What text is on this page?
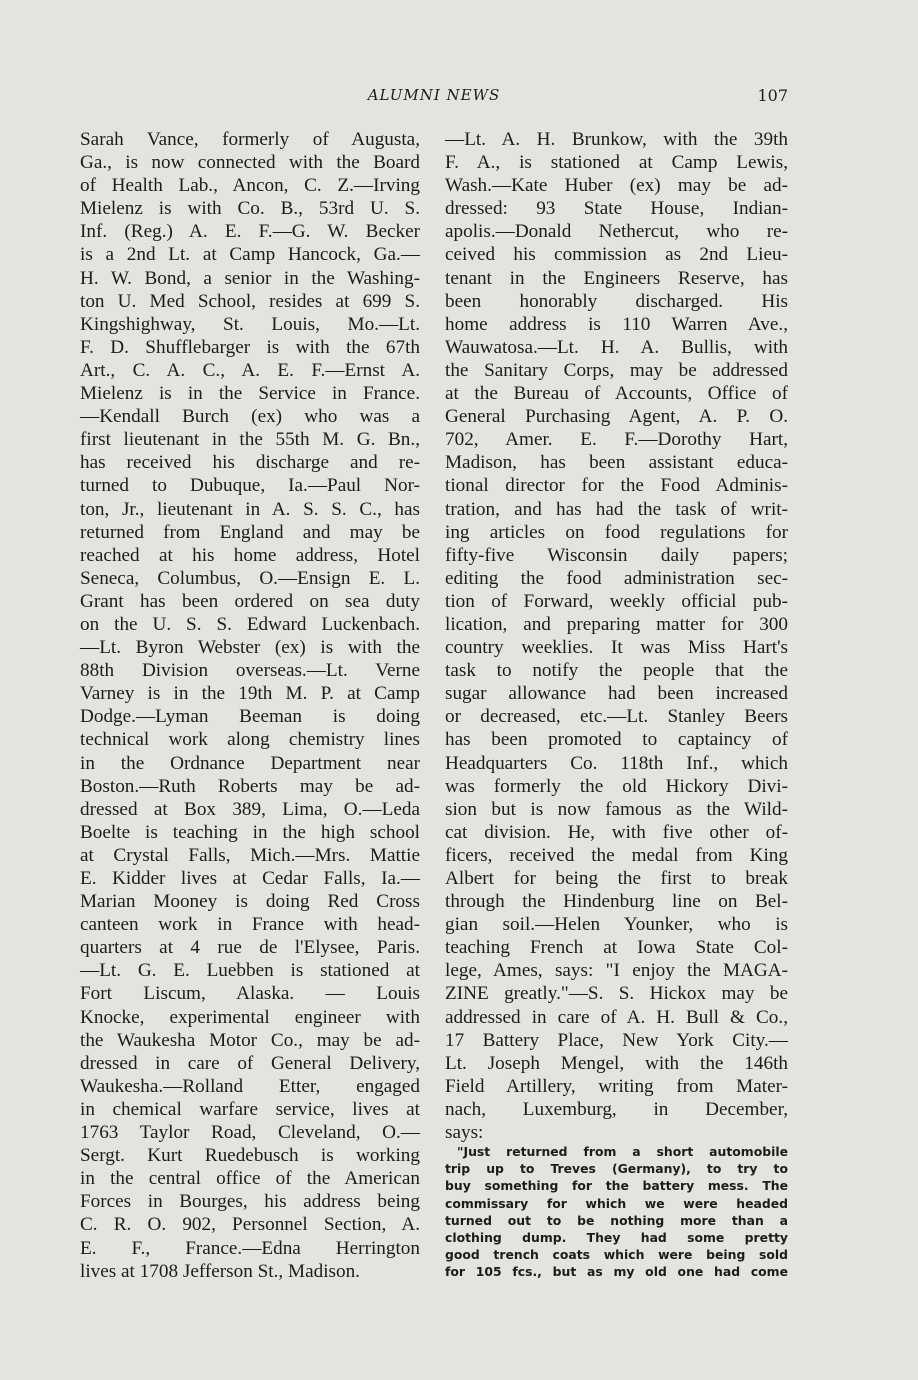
ALUMNI NEWS	107
Sarah Vance, formerly of Augusta,
Ga., is now connected with the Board
of Health Lab., Ancon, C. Z.—Irving
Mielenz is with Co. B., 53rd U. S.
Inf. (Reg.) A. E. F.—G. W. Becker
is a 2nd Lt. at Camp Hancock, Ga.—
H. W. Bond, a senior in the Washing-
ton U. Med School, resides at 699 S.
Kingshighway, St. Louis, Mo.—Lt.
F. D. Shufflebarger is with the 67th
Art., C. A. C., A. E. F.—Ernst A.
Mielenz is in the Service in France.
—Kendall Burch (ex) who was a
first lieutenant in the 55th M. G. Bn.,
has received his discharge and re-
turned to Dubuque, Ia.—Paul Nor-
ton, Jr., lieutenant in A. S. S. C., has
returned from England and may be
reached at his home address, Hotel
Seneca, Columbus, O.—Ensign E. L.
Grant has been ordered on sea duty
on the U. S. S. Edward Luckenbach.
—Lt. Byron Webster (ex) is with the
88th Division overseas.—Lt. Verne
Varney is in the 19th M. P. at Camp
Dodge.—Lyman Beeman is doing
technical work along chemistry lines
in the Ordnance Department near
Boston.—Ruth Roberts may be ad-
dressed at Box 389, Lima, O.—Leda
Boelte is teaching in the high school
at Crystal Falls, Mich.—Mrs. Mattie
E. Kidder lives at Cedar Falls, Ia.—
Marian Mooney is doing Red Cross
canteen work in France with head-
quarters at 4 rue de l'Elysee, Paris.
—Lt. G. E. Luebben is stationed at
Fort Liscum, Alaska. — Louis
Knocke, experimental engineer with
the Waukesha Motor Co., may be ad-
dressed in care of General Delivery,
Waukesha.—Rolland Etter, engaged
in chemical warfare service, lives at
1763 Taylor Road, Cleveland, O.—
Sergt. Kurt Ruedebusch is working
in the central office of the American
Forces in Bourges, his address being
C. R. O. 902, Personnel Section, A.
E. F., France.—Edna Herrington
lives at 1708 Jefferson St., Madison.
—Lt. A. H. Brunkow, with the 39th
F. A., is stationed at Camp Lewis,
Wash.—Kate Huber (ex) may be ad-
dressed: 93 State House, Indian-
apolis.—Donald Nethercut, who re-
ceived his commission as 2nd Lieu-
tenant in the Engineers Reserve, has
been honorably discharged. His
home address is 110 Warren Ave.,
Wauwatosa.—Lt. H. A. Bullis, with
the Sanitary Corps, may be addressed
at the Bureau of Accounts, Office of
General Purchasing Agent, A. P. O.
702, Amer. E. F.—Dorothy Hart,
Madison, has been assistant educa-
tional director for the Food Adminis-
tration, and has had the task of writ-
ing articles on food regulations for
fifty-five Wisconsin daily papers;
editing the food administration sec-
tion of Forward, weekly official pub-
lication, and preparing matter for 300
country weeklies. It was Miss Hart's
task to notify the people that the
sugar allowance had been increased
or decreased, etc.—Lt. Stanley Beers
has been promoted to captaincy of
Headquarters Co. 118th Inf., which
was formerly the old Hickory Divi-
sion but is now famous as the Wild-
cat division. He, with five other of-
ficers, received the medal from King
Albert for being the first to break
through the Hindenburg line on Bel-
gian soil.—Helen Younker, who is
teaching French at Iowa State Col-
lege, Ames, says: "I enjoy the MAGA-
ZINE greatly."—S. S. Hickox may be
addressed in care of A. H. Bull & Co.,
17 Battery Place, New York City.—
Lt. Joseph Mengel, with the 146th
Field Artillery, writing from Mater-
nach, Luxemburg, in December,
says:
"Just returned from a short automobile
trip up to Treves (Germany), to try to
buy something for the battery mess. The
commissary for which we were headed
turned out to be nothing more than a
clothing dump. They had some pretty
good trench coats which were being sold
for 105 fcs., but as my old one had come
